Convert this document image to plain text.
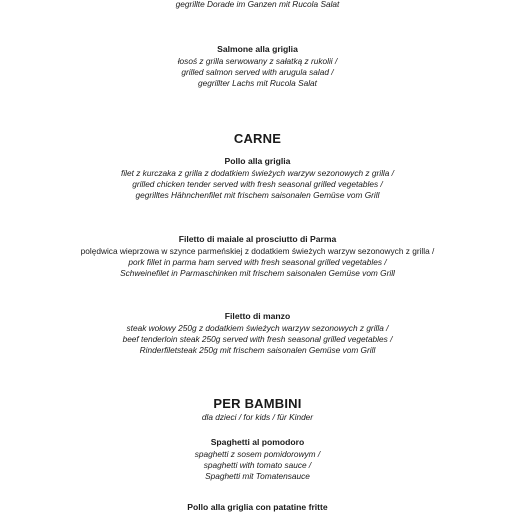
gegrillte Dorade im Ganzen mit Rucola Salat
Salmone alla griglia
łosoś z grilla serwowany z sałatką z rukolii /
grilled salmon served with arugula salad /
gegrillter Lachs mit Rucola Salat
CARNE
Pollo alla griglia
filet z kurczaka z grilla z dodatkiem świeżych warzyw sezonowych z grilla /
grilled chicken tender served with fresh seasonal grilled vegetables /
gegrilltes Hähnchenfilet mit frischem saisonalen Gemüse vom Grill
Filetto di maiale al prosciutto di Parma
polędwica wieprzowa w szynce parmeńskiej z dodatkiem świeżych warzyw sezonowych z grilla /
pork fillet in parma ham served with fresh seasonal grilled vegetables /
Schweinefilet in Parmaschinken mit frischem saisonalen Gemüse vom Grill
Filetto di manzo
steak wołowy 250g z dodatkiem świeżych warzyw sezonowych z grilla /
beef tenderloin steak 250g served with fresh seasonal grilled vegetables /
Rinderfiletsteak 250g mit frischem saisonalen Gemüse vom Grill
PER BAMBINI
dla dzieci / for kids / für Kinder
Spaghetti al pomodoro
spaghetti z sosem pomidorowym /
spaghetti with tomato sauce /
Spaghetti mit Tomatensauce
Pollo alla griglia con patatine fritte
